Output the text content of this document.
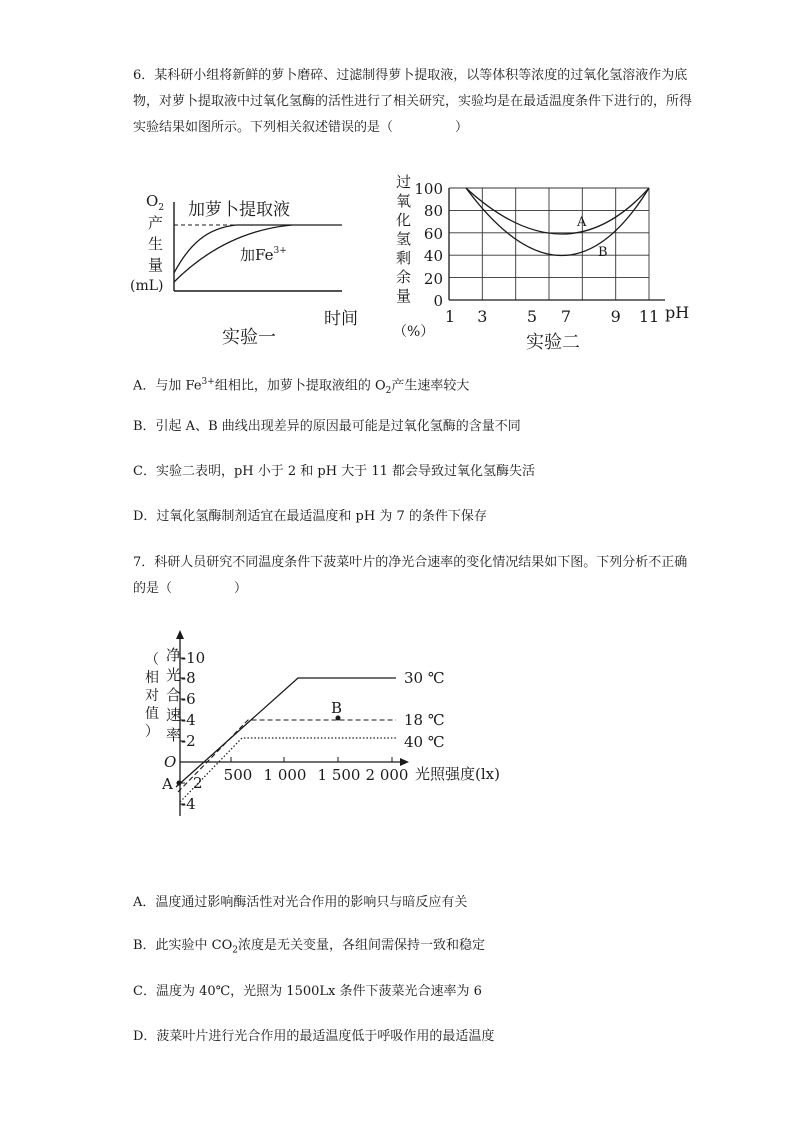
6．某科研小组将新鲜的萝卜磨碎、过滤制得萝卜提取液，以等体积等浓度的过氧化氢溶液作为底物，对萝卜提取液中过氧化氢酶的活性进行了相关研究，实验均是在最适温度条件下进行的，所得实验结果如图所示。下列相关叙述错误的是（	）
$O_2$
产
生
量
(mL)
加萝卜提取液
加$Fe^{3+}$
时间
实验一
过
氧
化
氢
剩
余
量
（%）
100
80
60
40
20
0
A
B
1 3 5 7 9 11 pH
实验二
A．与加 $Fe^{3+}$组相比，加萝卜提取液组的 $O_2$产生速率较大
B．引起 A、B 曲线出现差异的原因最可能是过氧化氢酶的含量不同
C．实验二表明，pH 小于 2 和 pH 大于 11 都会导致过氧化氢酶失活
D．过氧化氢酶制剂适宜在最适温度和 pH 为 7 的条件下保存
7．科研人员研究不同温度条件下菠菜叶片的净光合速率的变化情况结果如下图。下列分析不正确的是（	）
净
光
合
速
率
（
相
对
值
）
-10
-8
-6
-4
-2
2
-4
O
500 1 000 1 500 2 000 光照强度(lx)
30 ℃
18 ℃
40 ℃
B
A
A．温度通过影响酶活性对光合作用的影响只与暗反应有关
B．此实验中 $CO_2$浓度是无关变量，各组间需保持一致和稳定
C．温度为 40℃，光照为 1500Lx 条件下菠菜光合速率为 6
D．菠菜叶片进行光合作用的最适温度低于呼吸作用的最适温度
